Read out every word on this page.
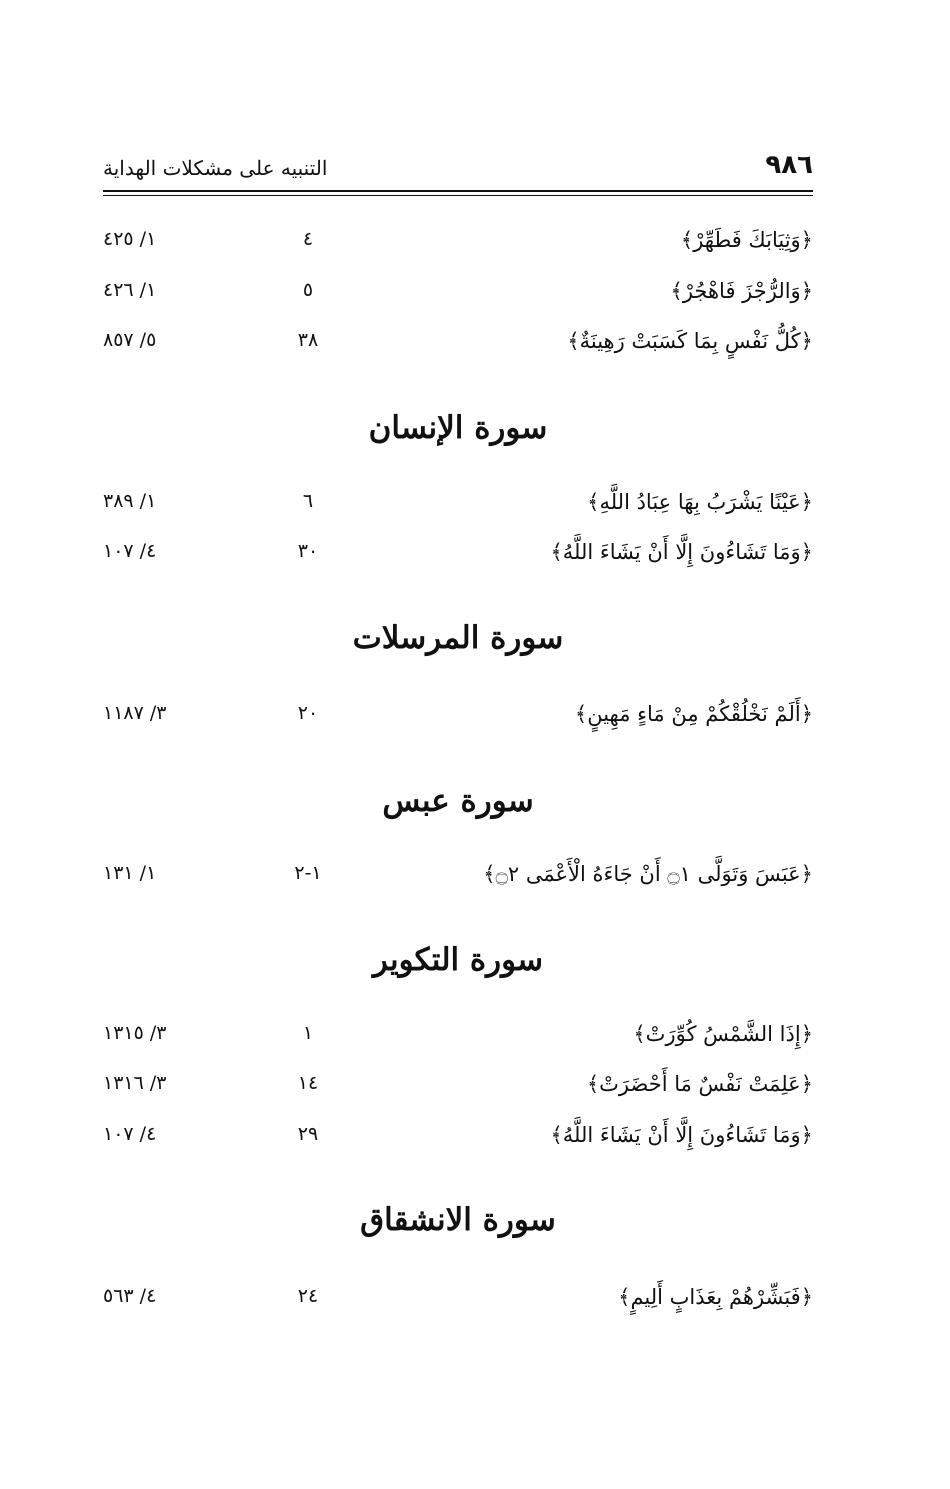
٩٨٦
التنبيه على مشكلات الهداية
﴿وَثِيَابَكَ فَطَهِّرْ﴾
٤
١/ ٤٢٥
﴿وَالرُّجْزَ فَاهْجُرْ﴾
٥
١/ ٤٢٦
﴿كُلُّ نَفْسٍ بِمَا كَسَبَتْ رَهِينَةٌ﴾
٣٨
٥/ ٨٥٧
سورة الإنسان
﴿عَيْنًا يَشْرَبُ بِهَا عِبَادُ اللَّهِ﴾
٦
١/ ٣٨٩
﴿وَمَا تَشَاءُونَ إِلَّا أَنْ يَشَاءَ اللَّهُ﴾
٣٠
٤/ ١٠٧
سورة المرسلات
﴿أَلَمْ نَخْلُقْكُمْ مِنْ مَاءٍ مَهِينٍ﴾
٢٠
٣/ ١١٨٧
سورة عبس
﴿عَبَسَ وَتَوَلَّى ۝١ أَنْ جَاءَهُ الْأَعْمَى ۝٢﴾
١-٢
١/ ١٣١
سورة التكوير
﴿إِذَا الشَّمْسُ كُوِّرَتْ﴾
١
٣/ ١٣١٥
﴿عَلِمَتْ نَفْسٌ مَا أَحْضَرَتْ﴾
١٤
٣/ ١٣١٦
﴿وَمَا تَشَاءُونَ إِلَّا أَنْ يَشَاءَ اللَّهُ﴾
٢٩
٤/ ١٠٧
سورة الانشقاق
﴿فَبَشِّرْهُمْ بِعَذَابٍ أَلِيمٍ﴾
٢٤
٤/ ٥٦٣
